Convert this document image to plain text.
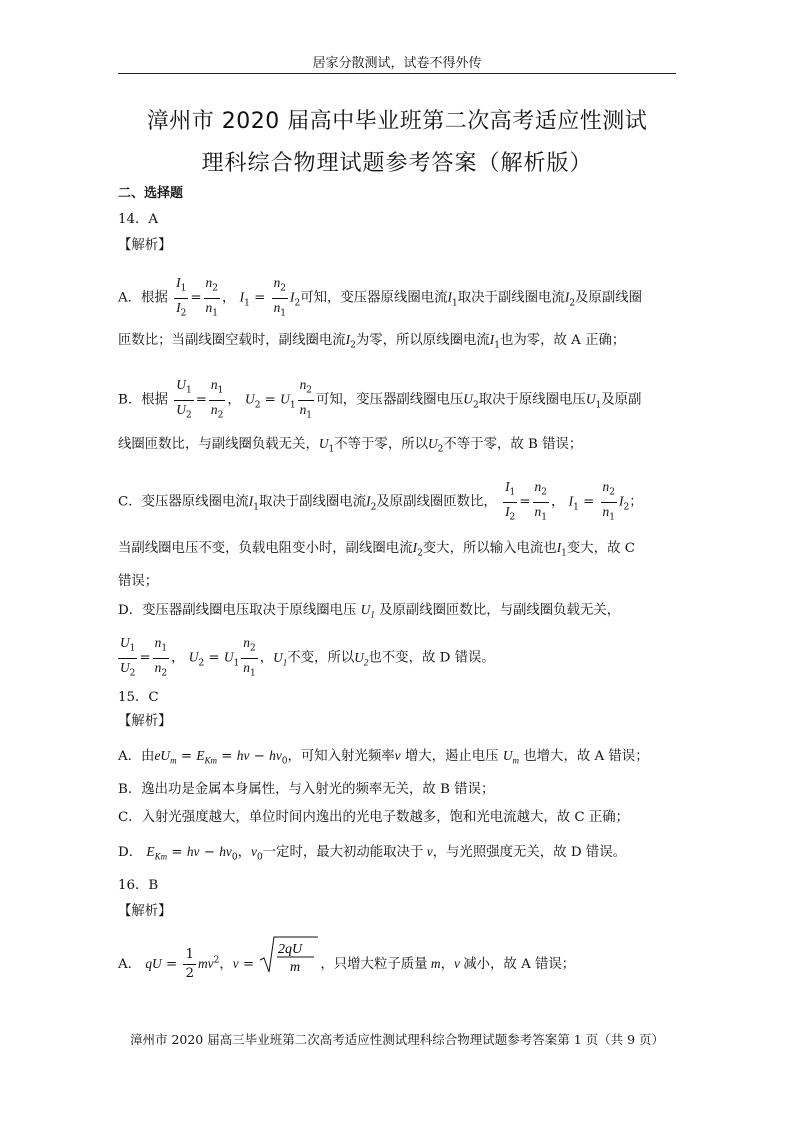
居家分散测试，试卷不得外传
漳州市 2020 届高中毕业班第二次高考适应性测试
理科综合物理试题参考答案（解析版）
二、选择题
14．A
【解析】
A．根据 $\frac{I_1}{I_2} = \frac{n_2}{n_1}$ ， $I_1 = \frac{n_2}{n_1} I_2$可知，变压器原线圈电流$I_1$取决于副线圈电流$I_2$及原副线圈
匝数比；当副线圈空载时，副线圈电流$I_2$为零，所以原线圈电流$I_1$也为零，故 A 正确；
B．根据 $\frac{U_1}{U_2} = \frac{n_1}{n_2}$ ， $U_2 = U_1 \frac{n_2}{n_1}$ 可知，变压器副线圈电压$U_2$取决于原线圈电压$U_1$及原副
线圈匝数比，与副线圈负载无关，$U_1$不等于零，所以$U_2$不等于零，故 B 错误；
C．变压器原线圈电流$I_1$取决于副线圈电流$I_2$及原副线圈匝数比， $\frac{I_1}{I_2} = \frac{n_2}{n_1}$ ， $I_1 = \frac{n_2}{n_1} I_2$；
当副线圈电压不变，负载电阻变小时，副线圈电流$I_2$变大，所以输入电流也$I_1$变大，故 C
错误；
D．变压器副线圈电压取决于原线圈电压 $U_1$ 及原副线圈匝数比，与副线圈负载无关，
$\frac{U_1}{U_2} = \frac{n_1}{n_2}$ ， $U_2 = U_1 \frac{n_2}{n_1}$ ，$U_1$不变，所以$U_2$也不变，故 D 错误。
15．C
【解析】
A．由$eU_m = E_{Km} = h\nu - h\nu_0$，可知入射光频率ν 增大，遏止电压 $U_m$ 也增大，故 A 错误；
B．逸出功是金属本身属性，与入射光的频率无关，故 B 错误；
C．入射光强度越大，单位时间内逸出的光电子数越多，饱和光电流越大，故 C 正确；
D． $E_{Km} = h\nu - h\nu_0$，$\nu_0$一定时，最大初动能取决于 v，与光照强度无关，故 D 错误。
16．B
【解析】
A． qU = $\frac{1}{2} mv^2$，v =
2qU
m ，只增大粒子质量 m，v 减小，故 A 错误；
漳州市 2020 届高三毕业班第二次高考适应性测试理科综合物理试题参考答案第 1 页（共 9 页）
